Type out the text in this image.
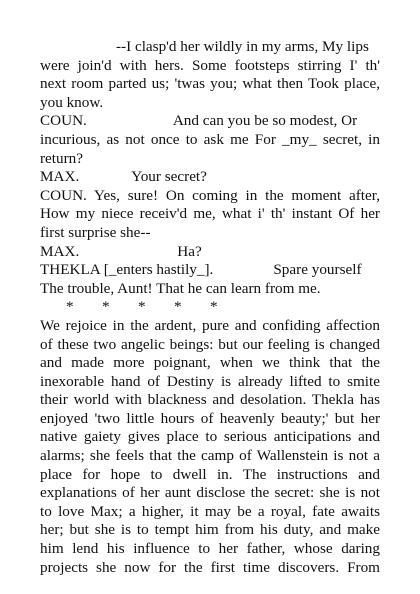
--I clasp'd her wildly in my arms, My lips
were join'd with hers. Some footsteps stirring I' th'
next room parted us; 'twas you; what then Took place,
you know.
COUN.	And can you be so modest, Or
incurious, as not once to ask me For _my_ secret, in
return?
MAX.	Your secret?
COUN. Yes, sure! On coming in the moment after,
How my niece receiv'd me, what i' th' instant Of her
first surprise she--
MAX.	Ha?
THEKLA [_enters hastily_].	Spare yourself
The trouble, Aunt! That he can learn from me.
* * * * *
We rejoice in the ardent, pure and confiding affection
of these two angelic beings: but our feeling is changed
and made more poignant, when we think that the
inexorable hand of Destiny is already lifted to smite
their world with blackness and desolation. Thekla has
enjoyed 'two little hours of heavenly beauty;' but her
native gaiety gives place to serious anticipations and
alarms; she feels that the camp of Wallenstein is not a
place for hope to dwell in. The instructions and
explanations of her aunt disclose the secret: she is not
to love Max; a higher, it may be a royal, fate awaits
her; but she is to tempt him from his duty, and make
him lend his influence to her father, whose daring
projects she now for the first time discovers. From
